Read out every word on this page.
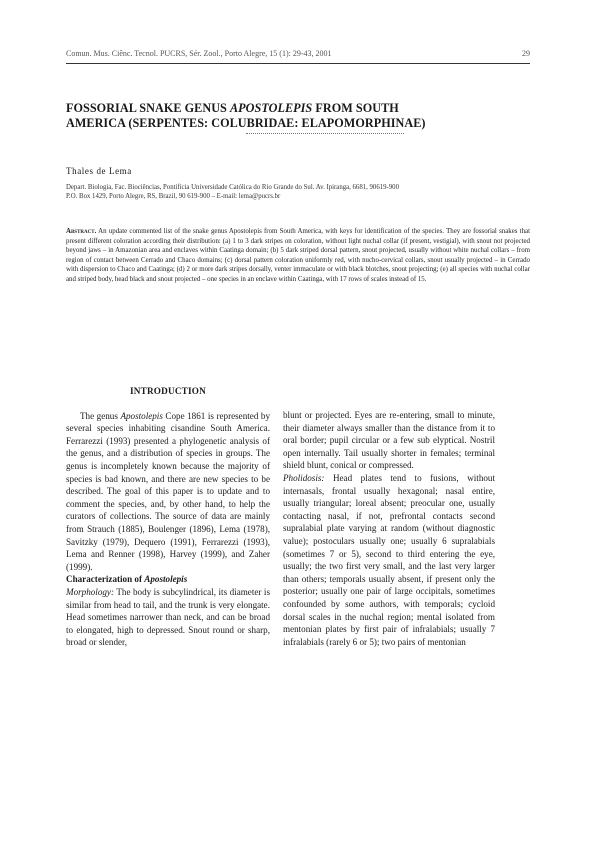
Comun. Mus. Ciênc. Tecnol. PUCRS, Sér. Zool., Porto Alegre, 15 (1): 29-43, 2001	29
FOSSORIAL SNAKE GENUS APOSTOLEPIS FROM SOUTH
AMERICA (SERPENTES: COLUBRIDAE: ELAPOMORPHINAE)
Thales de Lema
Depart. Biologia, Fac. Biociências, Pontifícia Universidade Católica do Rio Grande do Sul. Av. Ipiranga, 6681, 90619-900
P.O. Box 1429, Porto Alegre, RS, Brazil, 90 619-900 – E-mail: lema@pucrs.br
Abstract. An update commented list of the snake genus Apostolepis from South America, with keys for identification of the species. They are fossorial snakes that present different coloration according their distribution: (a) 1 to 3 dark stripes on coloration, without light nuchal collar (if present, vestigial), with snout not projected beyond jaws – in Amazonian area and enclaves within Caatinga domain; (b) 5 dark striped dorsal pattern, snout projected, usually without white nuchal collars – from region of contact between Cerrado and Chaco domains; (c) dorsal pattern coloration uniformly red, with nucho-cervical collars, snout usually projected – in Cerrado with dispersion to Chaco and Caatinga; (d) 2 or more dark stripes dorsally, venter immaculate or with black blotches, snout projecting; (e) all species with nuchal collar and striped body, head black and snout projected – one species in an enclave within Caatinga, with 17 rows of scales instead of 15.
INTRODUCTION

The genus Apostolepis Cope 1861 is represented by several species inhabiting cisandine South America. Ferrarezzi (1993) presented a phylogenetic analysis of the genus, and a distribution of species in groups. The genus is incompletely known because the majority of species is bad known, and there are new species to be described. The goal of this paper is to update and to comment the species, and, by other hand, to help the curators of collections. The source of data are mainly from Strauch (1885), Boulenger (1896), Lema (1978), Savitzky (1979), Dequero (1991), Ferrarezzi (1993), Lema and Renner (1998), Harvey (1999), and Zaher (1999).

Characterization of Apostolepis

Morphology: The body is subcylindrical, its diameter is similar from head to tail, and the trunk is very elongate. Head sometimes narrower than neck, and can be broad to elongated, high to depressed. Snout round or sharp, broad or slender,

blunt or projected. Eyes are re-entering, small to minute, their diameter always smaller than the distance from it to oral border; pupil circular or a few sub elyptical. Nostril open internally. Tail usually shorter in females; terminal shield blunt, conical or compressed.

Pholidosis: Head plates tend to fusions, without internasals, frontal usually hexagonal; nasal entire, usually triangular; loreal absent; preocular one, usually contacting nasal, if not, prefrontal contacts second supralabial plate varying at random (without diagnostic value); postoculars usually one; usually 6 supralabials (sometimes 7 or 5), second to third entering the eye, usually; the two first very small, and the last very larger than others; temporals usually absent, if present only the posterior; usually one pair of large occipitals, sometimes confounded by some authors, with temporals; cycloid dorsal scales in the nuchal region; mental isolated from mentonian plates by first pair of infralabials; usually 7 infralabials (rarely 6 or 5); two pairs of mentonian
